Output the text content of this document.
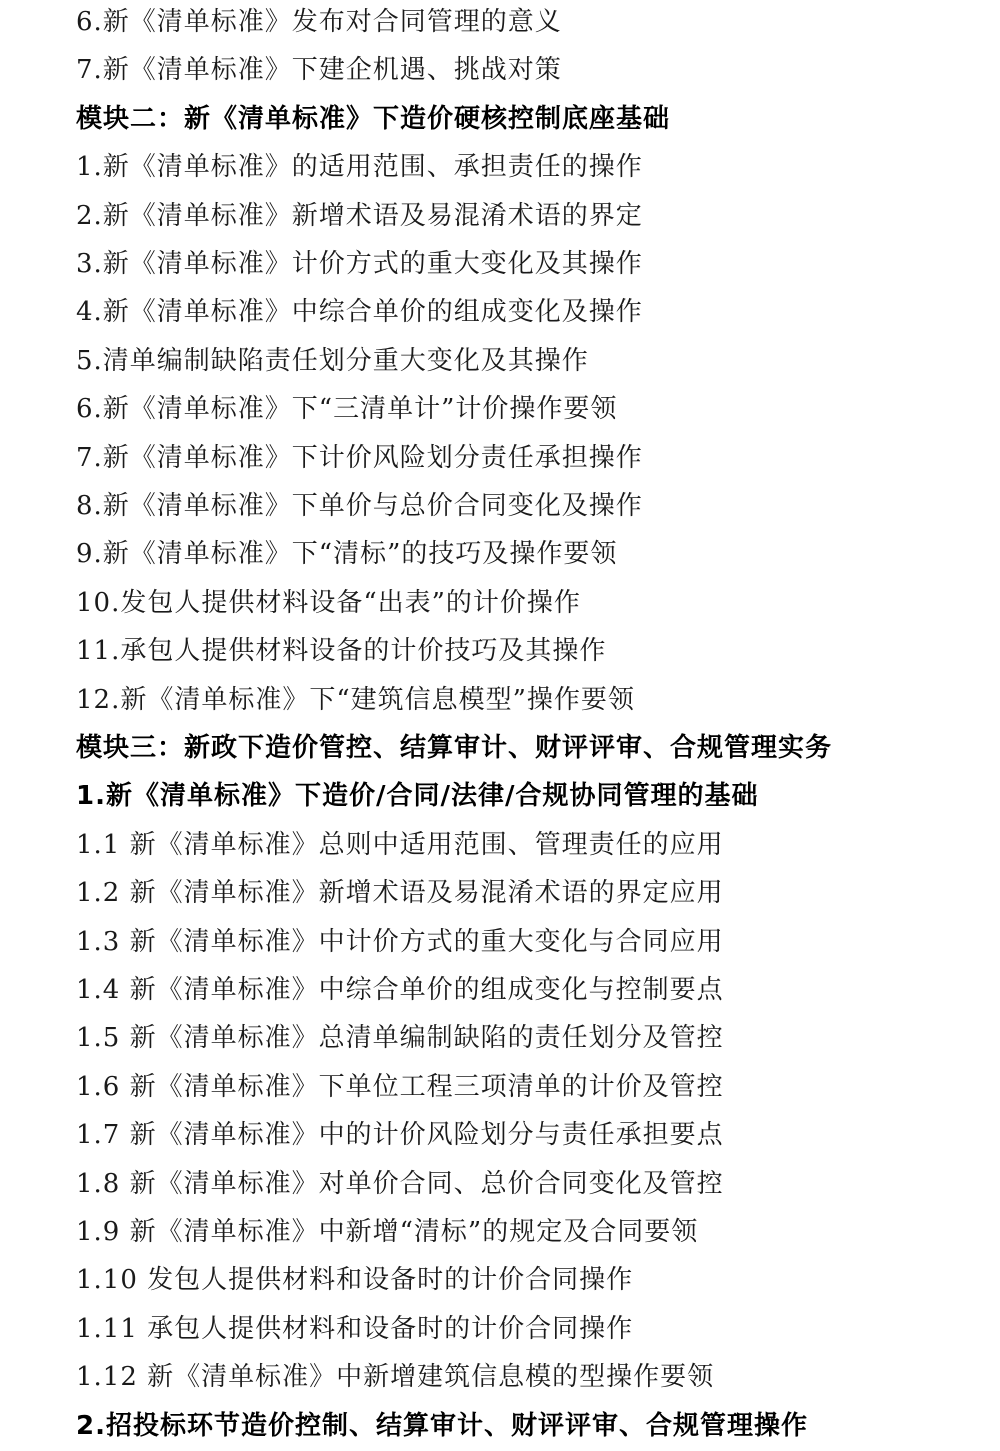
6.新《清单标准》发布对合同管理的意义
7.新《清单标准》下建企机遇、挑战对策
模块二：新《清单标准》下造价硬核控制底座基础
1.新《清单标准》的适用范围、承担责任的操作
2.新《清单标准》新增术语及易混淆术语的界定
3.新《清单标准》计价方式的重大变化及其操作
4.新《清单标准》中综合单价的组成变化及操作
5.清单编制缺陷责任划分重大变化及其操作
6.新《清单标准》下“三清单计”计价操作要领
7.新《清单标准》下计价风险划分责任承担操作
8.新《清单标准》下单价与总价合同变化及操作
9.新《清单标准》下“清标”的技巧及操作要领
10.发包人提供材料设备“出表”的计价操作
11.承包人提供材料设备的计价技巧及其操作
12.新《清单标准》下“建筑信息模型”操作要领
模块三：新政下造价管控、结算审计、财评评审、合规管理实务
1.新《清单标准》下造价/合同/法律/合规协同管理的基础
1.1 新《清单标准》总则中适用范围、管理责任的应用
1.2 新《清单标准》新增术语及易混淆术语的界定应用
1.3 新《清单标准》中计价方式的重大变化与合同应用
1.4 新《清单标准》中综合单价的组成变化与控制要点
1.5 新《清单标准》总清单编制缺陷的责任划分及管控
1.6 新《清单标准》下单位工程三项清单的计价及管控
1.7 新《清单标准》中的计价风险划分与责任承担要点
1.8 新《清单标准》对单价合同、总价合同变化及管控
1.9 新《清单标准》中新增“清标”的规定及合同要领
1.10 发包人提供材料和设备时的计价合同操作
1.11 承包人提供材料和设备时的计价合同操作
1.12 新《清单标准》中新增建筑信息模的型操作要领
2.招投标环节造价控制、结算审计、财评评审、合规管理操作
